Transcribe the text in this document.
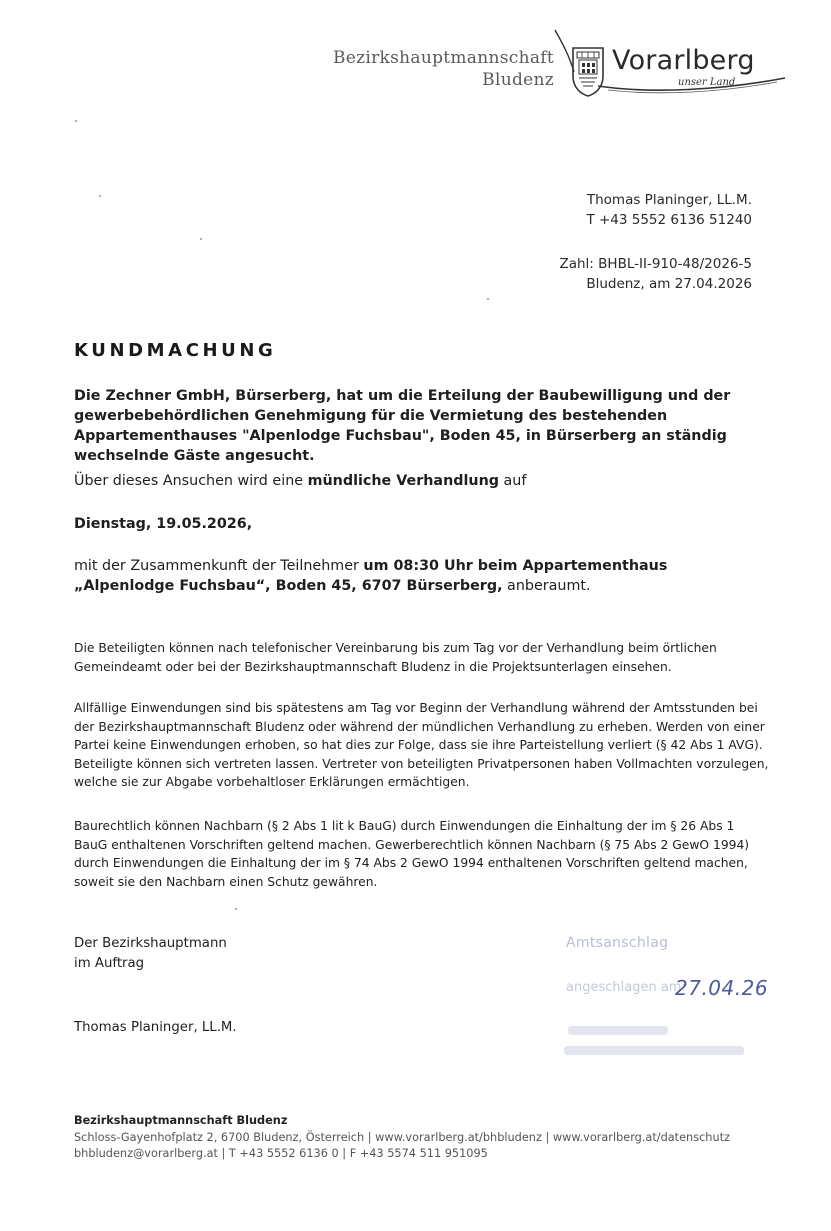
Bezirkshauptmannschaft
Bludenz
Vorarlberg
unser Land
Thomas Planinger, LL.M.
T +43 5552 6136 51240
Zahl: BHBL-II-910-48/2026-5
Bludenz, am 27.04.2026
KUNDMACHUNG
Die Zechner GmbH, Bürserberg, hat um die Erteilung der Baubewilligung und der gewerbebehördlichen Genehmigung für die Vermietung des bestehenden Appartementhauses "Alpenlodge Fuchsbau", Boden 45, in Bürserberg an ständig wechselnde Gäste angesucht.
Über dieses Ansuchen wird eine mündliche Verhandlung auf
Dienstag, 19.05.2026,
mit der Zusammenkunft der Teilnehmer um 08:30 Uhr beim Appartementhaus „Alpenlodge Fuchsbau“, Boden 45, 6707 Bürserberg, anberaumt.
Die Beteiligten können nach telefonischer Vereinbarung bis zum Tag vor der Verhandlung beim örtlichen Gemeindeamt oder bei der Bezirkshauptmannschaft Bludenz in die Projektsunterlagen einsehen.
Allfällige Einwendungen sind bis spätestens am Tag vor Beginn der Verhandlung während der Amtsstunden bei der Bezirkshauptmannschaft Bludenz oder während der mündlichen Verhandlung zu erheben. Werden von einer Partei keine Einwendungen erhoben, so hat dies zur Folge, dass sie ihre Parteistellung verliert (§ 42 Abs 1 AVG). Beteiligte können sich vertreten lassen. Vertreter von beteiligten Privatpersonen haben Vollmachten vorzulegen, welche sie zur Abgabe vorbehaltloser Erklärungen ermächtigen.
Baurechtlich können Nachbarn (§ 2 Abs 1 lit k BauG) durch Einwendungen die Einhaltung der im § 26 Abs 1 BauG enthaltenen Vorschriften geltend machen. Gewerberechtlich können Nachbarn (§ 75 Abs 2 GewO 1994) durch Einwendungen die Einhaltung der im § 74 Abs 2 GewO 1994 enthaltenen Vorschriften geltend machen, soweit sie den Nachbarn einen Schutz gewähren.
Der Bezirkshauptmann
im Auftrag
Thomas Planinger, LL.M.
Amtsanschlag
angeschlagen am:
27.04.26
Bezirkshauptmannschaft Bludenz
Schloss-Gayenhofplatz 2, 6700 Bludenz, Österreich | www.vorarlberg.at/bhbludenz | www.vorarlberg.at/datenschutz
bhbludenz@vorarlberg.at | T +43 5552 6136 0 | F +43 5574 511 951095
